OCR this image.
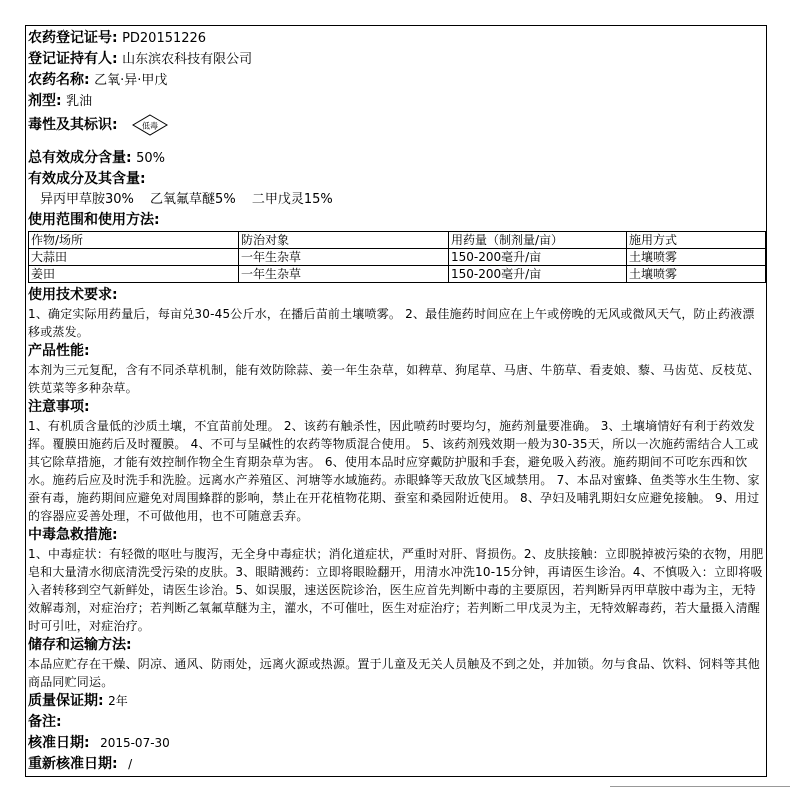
农药登记证号: PD20151226
登记证持有人: 山东滨农科技有限公司
农药名称: 乙氧·异·甲戊
剂型: 乳油
毒性及其标识:	低毒
总有效成分含量: 50%
有效成分及其含量:
异丙甲草胺30% 乙氧氟草醚5% 二甲戊灵15%
使用范围和使用方法:
作物/场所	防治对象	用药量（制剂量/亩）	施用方式
大蒜田	一年生杂草	150-200毫升/亩	土壤喷雾
姜田	一年生杂草	150-200毫升/亩	土壤喷雾
使用技术要求:
1、确定实际用药量后，每亩兑30-45公斤水，在播后苗前土壤喷雾。 2、最佳施药时间应在上午或傍晚的无风或微风天气，防止药液漂移或蒸发。
产品性能:
本剂为三元复配，含有不同杀草机制，能有效防除蒜、姜一年生杂草，如稗草、狗尾草、马唐、牛筋草、看麦娘、藜、马齿苋、反枝苋、铁苋菜等多种杂草。
注意事项:
1、有机质含量低的沙质土壤，不宜苗前处理。 2、该药有触杀性，因此喷药时要均匀，施药剂量要准确。 3、土壤墒情好有利于药效发挥。覆膜田施药后及时覆膜。 4、不可与呈碱性的农药等物质混合使用。 5、该药剂残效期一般为30-35天，所以一次施药需结合人工或其它除草措施，才能有效控制作物全生育期杂草为害。 6、使用本品时应穿戴防护服和手套，避免吸入药液。施药期间不可吃东西和饮水。施药后应及时洗手和洗脸。远离水产养殖区、河塘等水域施药。赤眼蜂等天敌放飞区域禁用。 7、本品对蜜蜂、鱼类等水生生物、家蚕有毒，施药期间应避免对周围蜂群的影响，禁止在开花植物花期、蚕室和桑园附近使用。 8、孕妇及哺乳期妇女应避免接触。 9、用过的容器应妥善处理，不可做他用，也不可随意丢弃。
中毒急救措施:
1、中毒症状：有轻微的呕吐与腹泻，无全身中毒症状；消化道症状，严重时对肝、肾损伤。2、皮肤接触：立即脱掉被污染的衣物，用肥皂和大量清水彻底清洗受污染的皮肤。3、眼睛溅药：立即将眼睑翻开，用清水冲洗10-15分钟，再请医生诊治。4、不慎吸入：立即将吸入者转移到空气新鲜处，请医生诊治。5、如误服，速送医院诊治，医生应首先判断中毒的主要原因，若判断异丙甲草胺中毒为主，无特效解毒剂，对症治疗；若判断乙氧氟草醚为主，灌水，不可催吐，医生对症治疗；若判断二甲戊灵为主，无特效解毒药，若大量摄入清醒时可引吐，对症治疗。
储存和运输方法:
本品应贮存在干燥、阴凉、通风、防雨处，远离火源或热源。置于儿童及无关人员触及不到之处，并加锁。勿与食品、饮料、饲料等其他商品同贮同运。
质量保证期: 2年
备注:
核准日期: 2015-07-30
重新核准日期: /
